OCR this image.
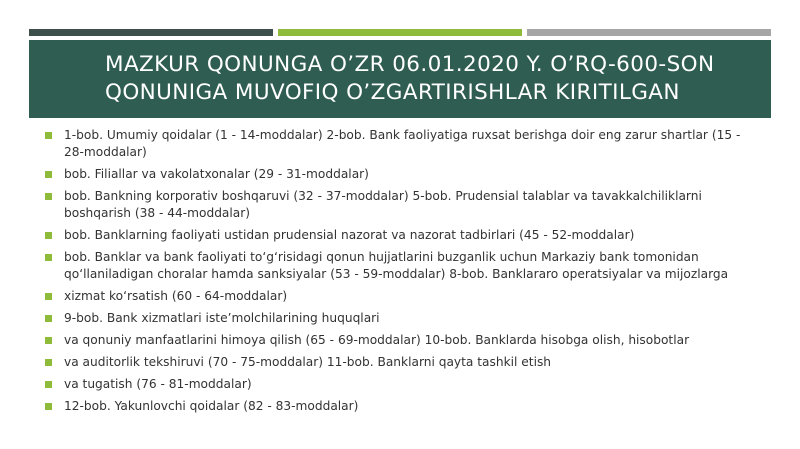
MAZKUR QONUNGA O’ZR 06.01.2020 Y. O’RQ-600-SON
QONUNIGA MUVOFIQ O’ZGARTIRISHLAR KIRITILGAN
1-bob. Umumiy qoidalar (1 - 14-moddalar) 2-bob. Bank faoliyatiga ruxsat berishga doir eng zarur shartlar (15 - 28-moddalar)
bob. Filiallar va vakolatxonalar (29 - 31-moddalar)
bob. Bankning korporativ boshqaruvi (32 - 37-moddalar) 5-bob. Prudensial talablar va tavakkalchiliklarni boshqarish (38 - 44-moddalar)
bob. Banklarning faoliyati ustidan prudensial nazorat va nazorat tadbirlari (45 - 52-moddalar)
bob. Banklar va bank faoliyati to‘g‘risidagi qonun hujjatlarini buzganlik uchun Markaziy bank tomonidan qo‘llaniladigan choralar hamda sanksiyalar (53 - 59-moddalar) 8-bob. Banklararo operatsiyalar va mijozlarga
xizmat ko‘rsatish (60 - 64-moddalar)
9-bob. Bank xizmatlari iste’molchilarining huquqlari
va qonuniy manfaatlarini himoya qilish (65 - 69-moddalar) 10-bob. Banklarda hisobga olish, hisobotlar
va auditorlik tekshiruvi (70 - 75-moddalar) 11-bob. Banklarni qayta tashkil etish
va tugatish (76 - 81-moddalar)
12-bob. Yakunlovchi qoidalar (82 - 83-moddalar)
